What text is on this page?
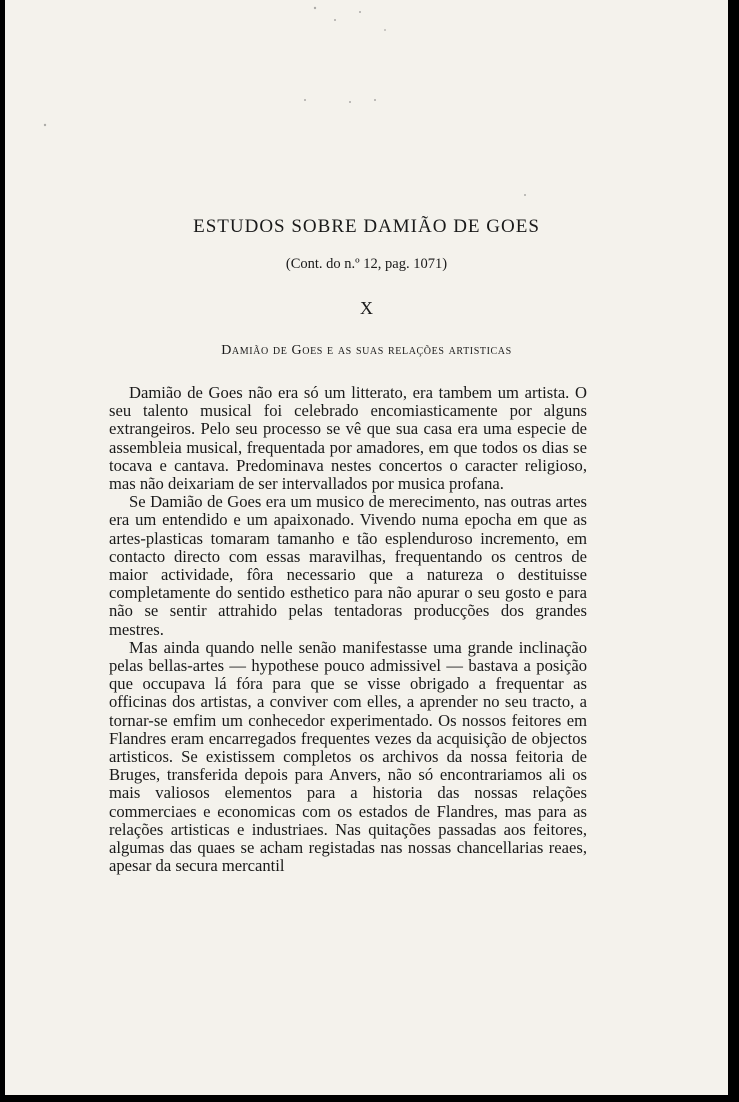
ESTUDOS SOBRE DAMIÃO DE GOES
(Cont. do n.º 12, pag. 1071)
X
Damião de Goes e as suas relações artisticas

Damião de Goes não era só um litterato, era tambem um artista. O seu talento musical foi celebrado encomiasticamente por alguns extrangeiros. Pelo seu processo se vê que sua casa era uma especie de assembleia musical, frequentada por amadores, em que todos os dias se tocava e cantava. Predominava nestes concertos o caracter religioso, mas não deixariam de ser intervallados por musica profana.

Se Damião de Goes era um musico de merecimento, nas outras artes era um entendido e um apaixonado. Vivendo numa epocha em que as artes-plasticas tomaram tamanho e tão esplenduroso incremento, em contacto directo com essas maravilhas, frequentando os centros de maior actividade, fôra necessario que a natureza o destituisse completamente do sentido esthetico para não apurar o seu gosto e para não se sentir attrahido pelas tentadoras producções dos grandes mestres.

Mas ainda quando nelle senão manifestasse uma grande inclinação pelas bellas-artes — hypothese pouco admissivel — bastava a posição que occupava lá fóra para que se visse obrigado a frequentar as officinas dos artistas, a conviver com elles, a aprender no seu tracto, a tornar-se emfim um conhecedor experimentado. Os nossos feitores em Flandres eram encarregados frequentes vezes da acquisição de objectos artisticos. Se existissem completos os archivos da nossa feitoria de Bruges, transferida depois para Anvers, não só encontrariamos ali os mais valiosos elementos para a historia das nossas relações commerciaes e economicas com os estados de Flandres, mas para as relações artisticas e industriaes. Nas quitações passadas aos feitores, algumas das quaes se acham registadas nas nossas chancellarias reaes, apesar da secura mercantil
